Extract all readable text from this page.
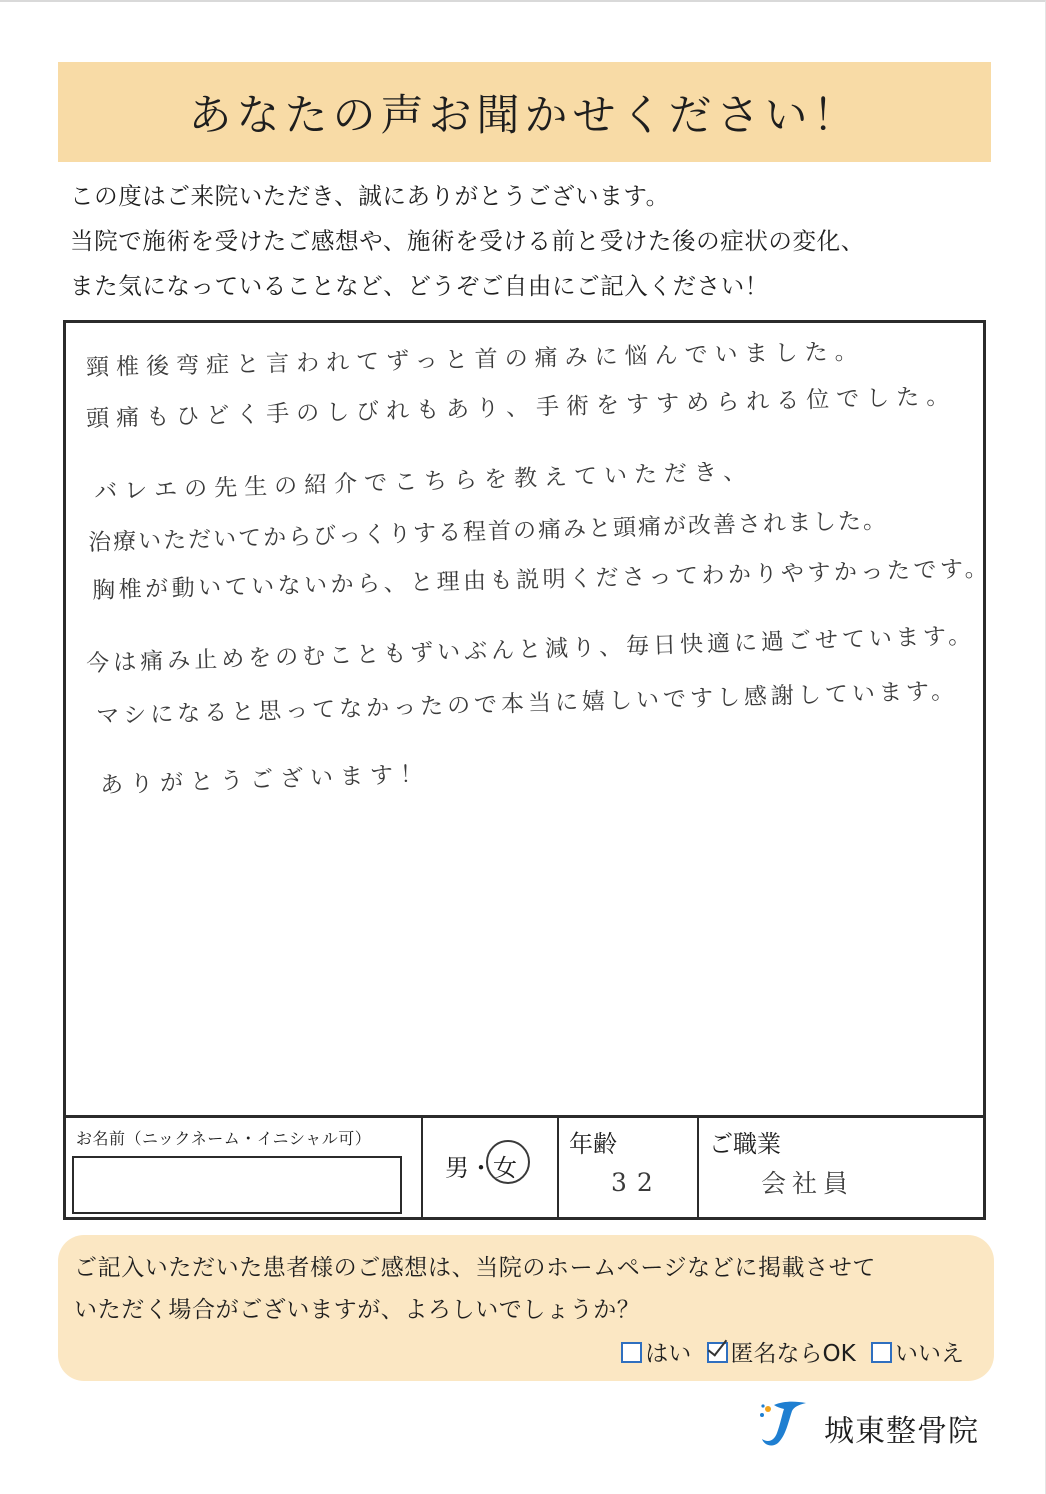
あなたの声お聞かせください！
この度はご来院いただき、誠にありがとうございます。
当院で施術を受けたご感想や、施術を受ける前と受けた後の症状の変化、
また気になっていることなど、どうぞご自由にご記入ください！
頸椎後弯症と言われてずっと首の痛みに悩んでいました。
頭痛もひどく手のしびれもあり、手術をすすめられる位でした。
バレエの先生の紹介でこちらを教えていただき、
治療いただいてからびっくりする程首の痛みと頭痛が改善されました。
胸椎が動いていないから、と理由も説明くださってわかりやすかったです。
今は痛み止めをのむこともずいぶんと減り、毎日快適に過ごせています。
マシになると思ってなかったので本当に嬉しいですし感謝しています。
ありがとうございます！
お名前（ニックネーム・イニシャル可）
男・女
年齢
32
ご職業
会社員
ご記入いただいた患者様のご感想は、当院のホームページなどに掲載させて
いただく場合がございますが、よろしいでしょうか？
はい 匿名ならOK いいえ
城東整骨院
